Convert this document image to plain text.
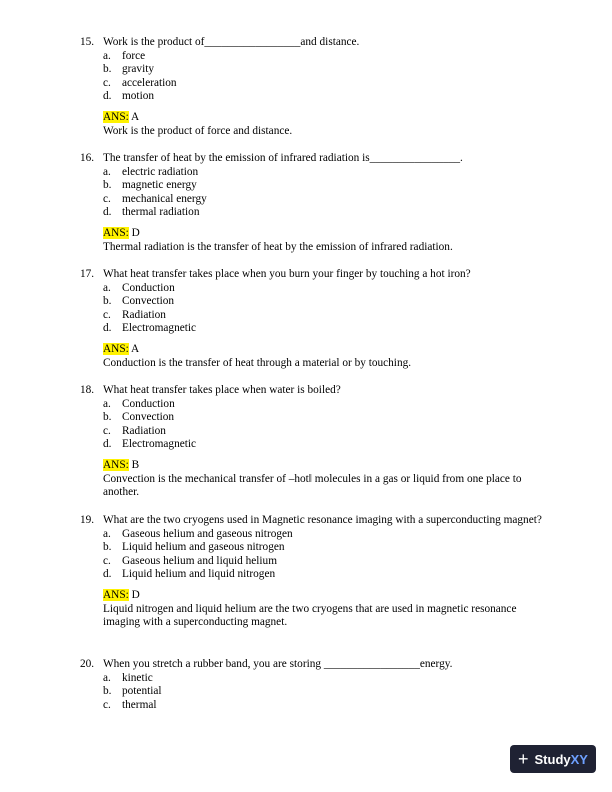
15. Work is the product of_________________and distance.
a. force
b. gravity
c. acceleration
d. motion
ANS: A
Work is the product of force and distance.
16. The transfer of heat by the emission of infrared radiation is________________.
a. electric radiation
b. magnetic energy
c. mechanical energy
d. thermal radiation
ANS: D
Thermal radiation is the transfer of heat by the emission of infrared radiation.
17. What heat transfer takes place when you burn your finger by touching a hot iron?
a. Conduction
b. Convection
c. Radiation
d. Electromagnetic
ANS: A
Conduction is the transfer of heat through a material or by touching.
18. What heat transfer takes place when water is boiled?
a. Conduction
b. Convection
c. Radiation
d. Electromagnetic
ANS: B
Convection is the mechanical transfer of –hot‖ molecules in a gas or liquid from one place to another.
19. What are the two cryogens used in Magnetic resonance imaging with a superconducting magnet?
a. Gaseous helium and gaseous nitrogen
b. Liquid helium and gaseous nitrogen
c. Gaseous helium and liquid helium
d. Liquid helium and liquid nitrogen
ANS: D
Liquid nitrogen and liquid helium are the two cryogens that are used in magnetic resonance imaging with a superconducting magnet.
20. When you stretch a rubber band, you are storing _________________energy.
a. kinetic
b. potential
c. thermal
+ StudyXY
